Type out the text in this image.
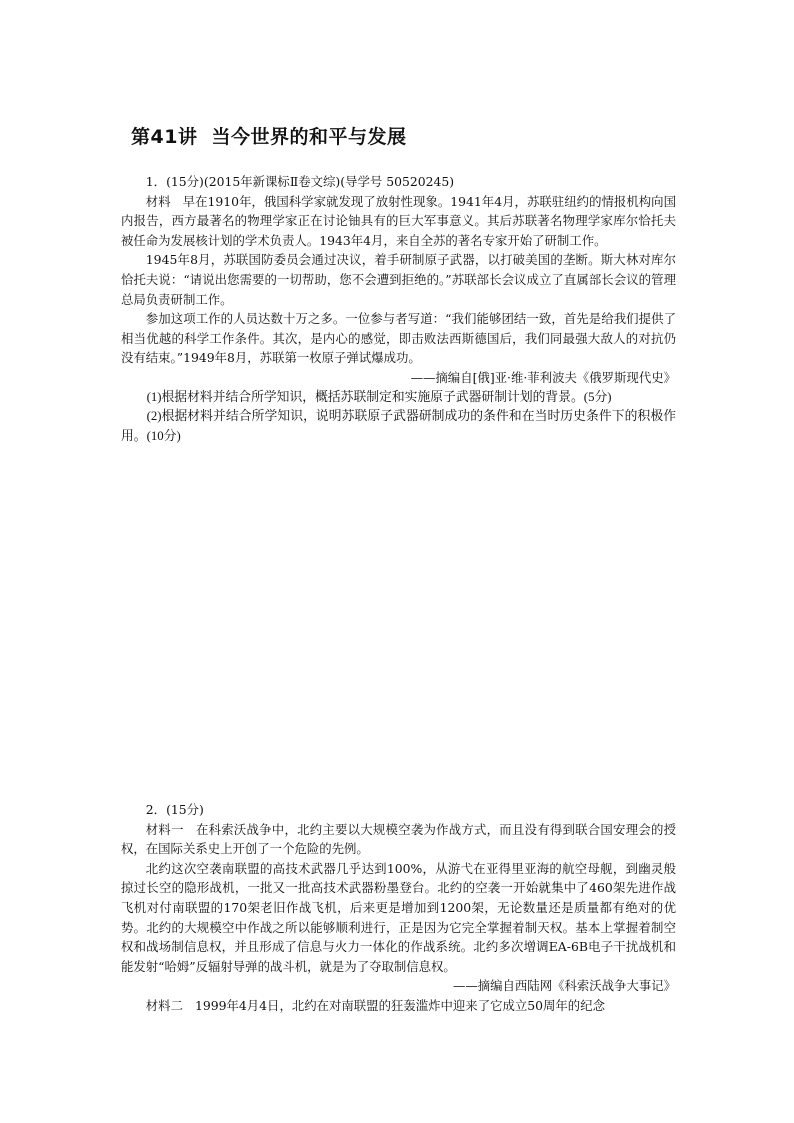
第41讲 当今世界的和平与发展

1．(15分)(2015年新课标Ⅱ卷文综)(导学号 50520245)

材料 早在1910年，俄国科学家就发现了放射性现象。1941年4月，苏联驻纽约的情报机构向国内报告，西方最著名的物理学家正在讨论铀具有的巨大军事意义。其后苏联著名物理学家库尔恰托夫被任命为发展核计划的学术负责人。1943年4月，来自全苏的著名专家开始了研制工作。

1945年8月，苏联国防委员会通过决议，着手研制原子武器，以打破美国的垄断。斯大林对库尔恰托夫说：“请说出您需要的一切帮助，您不会遭到拒绝的。”苏联部长会议成立了直属部长会议的管理总局负责研制工作。

参加这项工作的人员达数十万之多。一位参与者写道：“我们能够团结一致，首先是给我们提供了相当优越的科学工作条件。其次，是内心的感觉，即击败法西斯德国后，我们同最强大敌人的对抗仍没有结束。”1949年8月，苏联第一枚原子弹试爆成功。

——摘编自[俄]亚·维·菲利波夫《俄罗斯现代史》

(1)根据材料并结合所学知识，概括苏联制定和实施原子武器研制计划的背景。(5分)

(2)根据材料并结合所学知识，说明苏联原子武器研制成功的条件和在当时历史条件下的积极作用。(10分)

2．(15分)

材料一 在科索沃战争中，北约主要以大规模空袭为作战方式，而且没有得到联合国安理会的授权，在国际关系史上开创了一个危险的先例。

北约这次空袭南联盟的高技术武器几乎达到100%，从游弋在亚得里亚海的航空母舰，到幽灵般掠过长空的隐形战机，一批又一批高技术武器粉墨登台。北约的空袭一开始就集中了460架先进作战飞机对付南联盟的170架老旧作战飞机，后来更是增加到1200架，无论数量还是质量都有绝对的优势。北约的大规模空中作战之所以能够顺利进行，正是因为它完全掌握着制天权。基本上掌握着制空权和战场制信息权，并且形成了信息与火力一体化的作战系统。北约多次增调EA-6B电子干扰战机和能发射“哈姆”反辐射导弹的战斗机，就是为了夺取制信息权。

——摘编自西陆网《科索沃战争大事记》

材料二 1999年4月4日，北约在对南联盟的狂轰滥炸中迎来了它成立50周年的纪念
